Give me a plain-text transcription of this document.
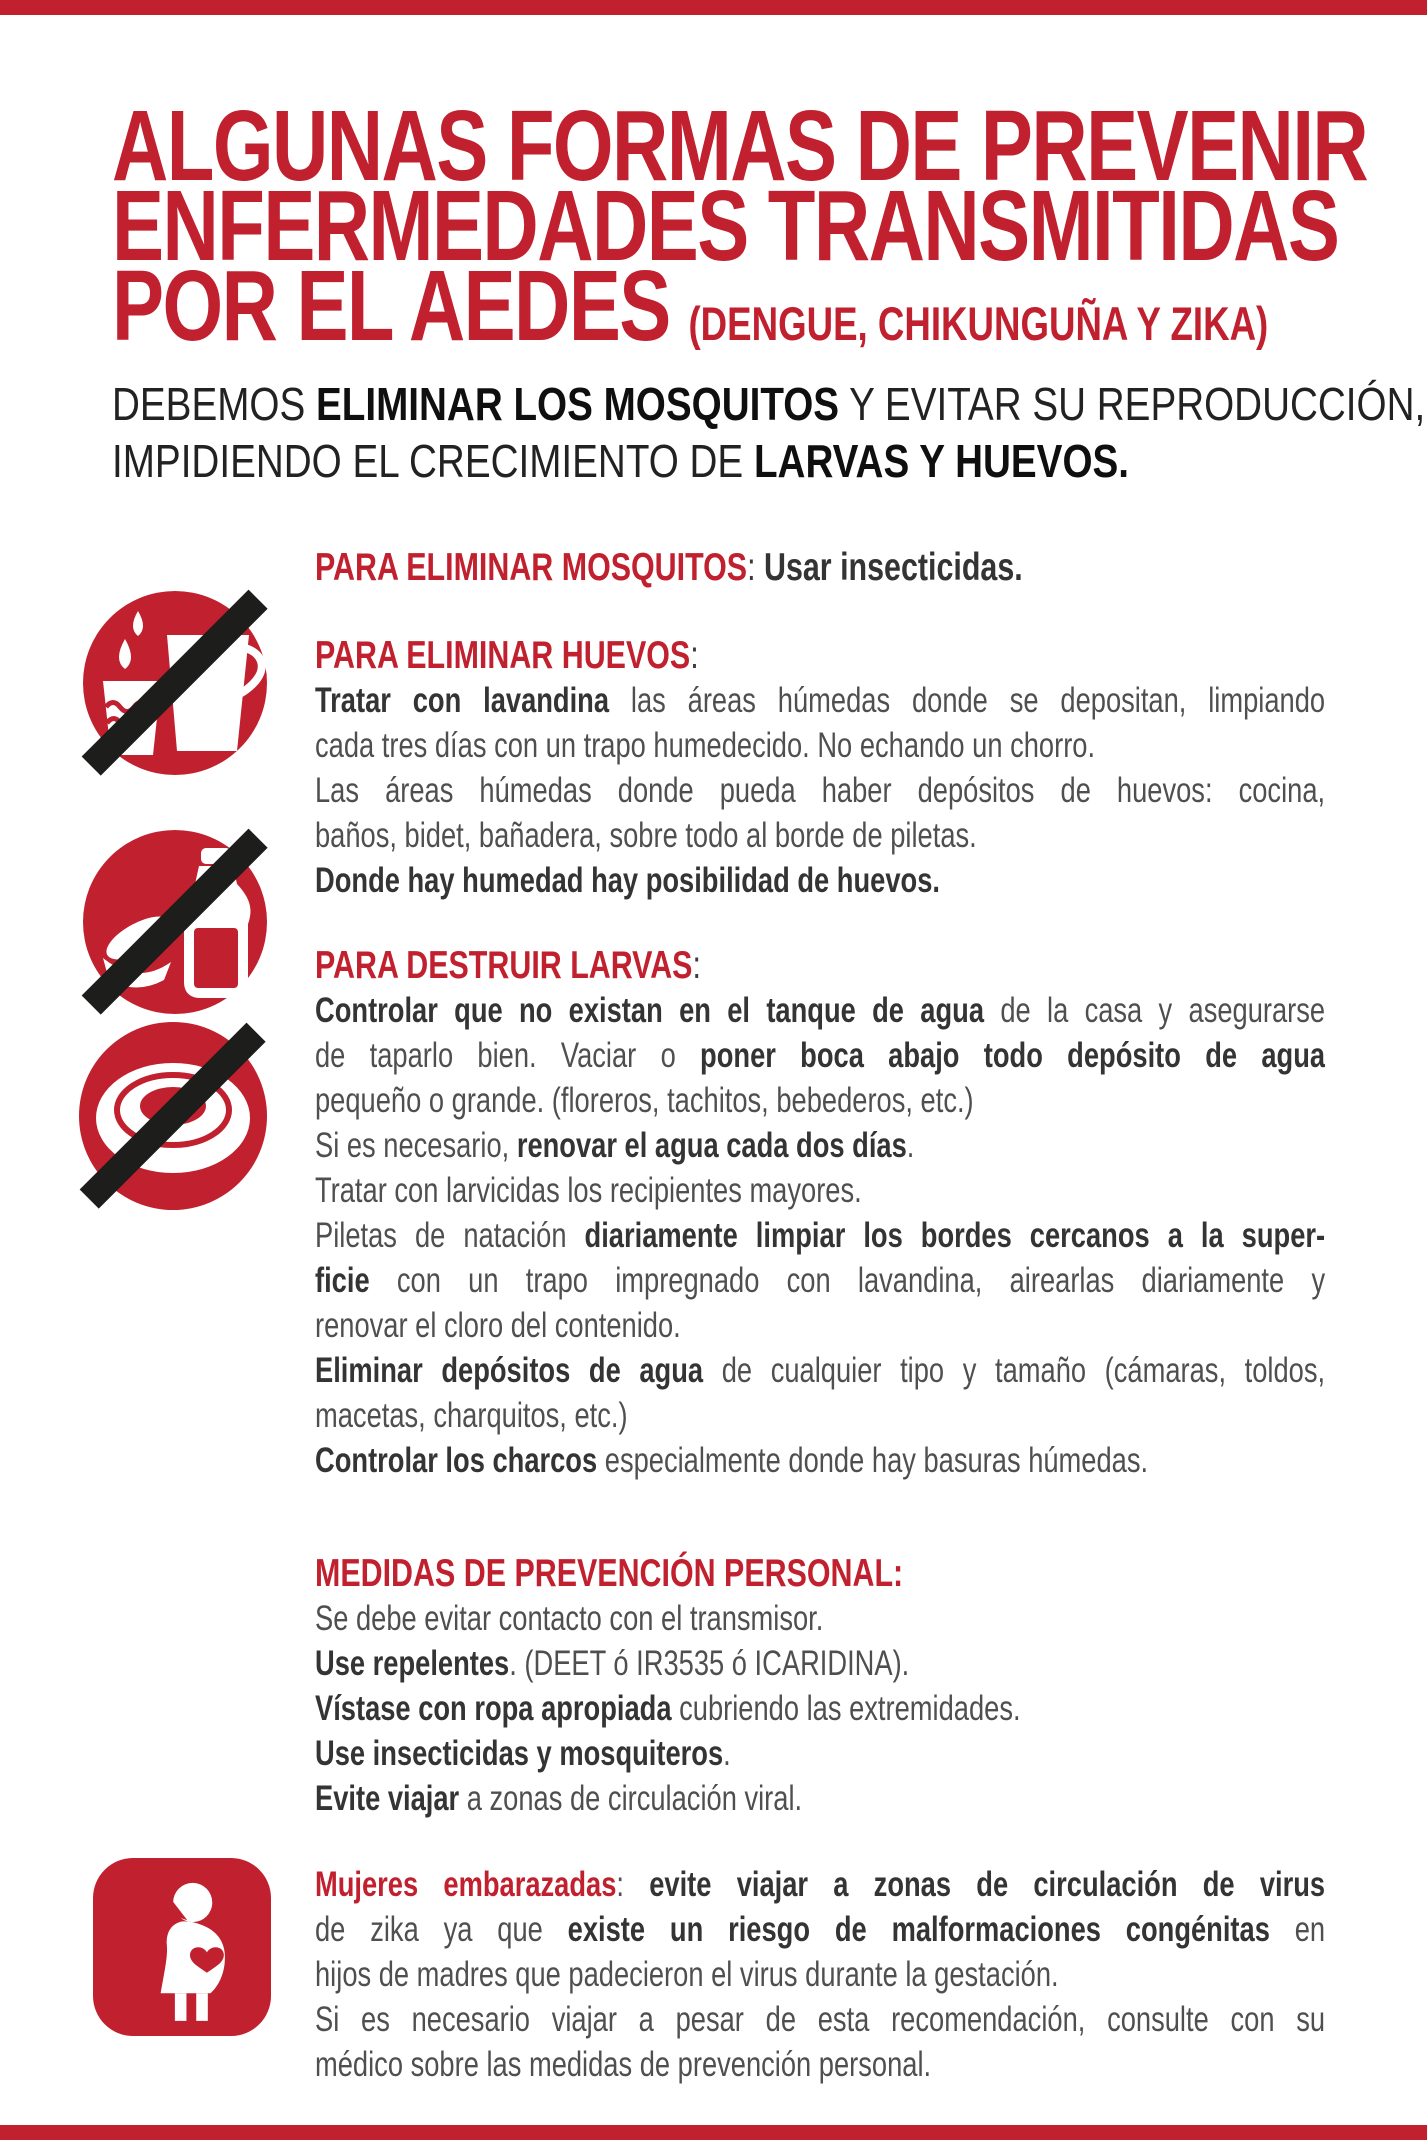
ALGUNAS FORMAS DE PREVENIR
ENFERMEDADES TRANSMITIDAS
POR EL AEDES (DENGUE, CHIKUNGUÑA Y ZIKA)
DEBEMOS ELIMINAR LOS MOSQUITOS Y EVITAR SU REPRODUCCIÓN,
IMPIDIENDO EL CRECIMIENTO DE LARVAS Y HUEVOS.
PARA ELIMINAR MOSQUITOS: Usar insecticidas.
PARA ELIMINAR HUEVOS:
Tratar con lavandina las áreas húmedas donde se depositan, limpiando
cada tres días con un trapo humedecido. No echando un chorro.
Las áreas húmedas donde pueda haber depósitos de huevos: cocina,
baños, bidet, bañadera, sobre todo al borde de piletas.
Donde hay humedad hay posibilidad de huevos.
PARA DESTRUIR LARVAS:
Controlar que no existan en el tanque de agua de la casa y asegurarse
de taparlo bien. Vaciar o poner boca abajo todo depósito de agua
pequeño o grande. (floreros, tachitos, bebederos, etc.)
Si es necesario, renovar el agua cada dos días.
Tratar con larvicidas los recipientes mayores.
Piletas de natación diariamente limpiar los bordes cercanos a la super-
ficie con un trapo impregnado con lavandina, airearlas diariamente y
renovar el cloro del contenido.
Eliminar depósitos de agua de cualquier tipo y tamaño (cámaras, toldos,
macetas, charquitos, etc.)
Controlar los charcos especialmente donde hay basuras húmedas.
MEDIDAS DE PREVENCIÓN PERSONAL:
Se debe evitar contacto con el transmisor.
Use repelentes. (DEET ó IR3535 ó ICARIDINA).
Vístase con ropa apropiada cubriendo las extremidades.
Use insecticidas y mosquiteros.
Evite viajar a zonas de circulación viral.
Mujeres embarazadas: evite viajar a zonas de circulación de virus
de zika ya que existe un riesgo de malformaciones congénitas en
hijos de madres que padecieron el virus durante la gestación.
Si es necesario viajar a pesar de esta recomendación, consulte con su
médico sobre las medidas de prevención personal.
